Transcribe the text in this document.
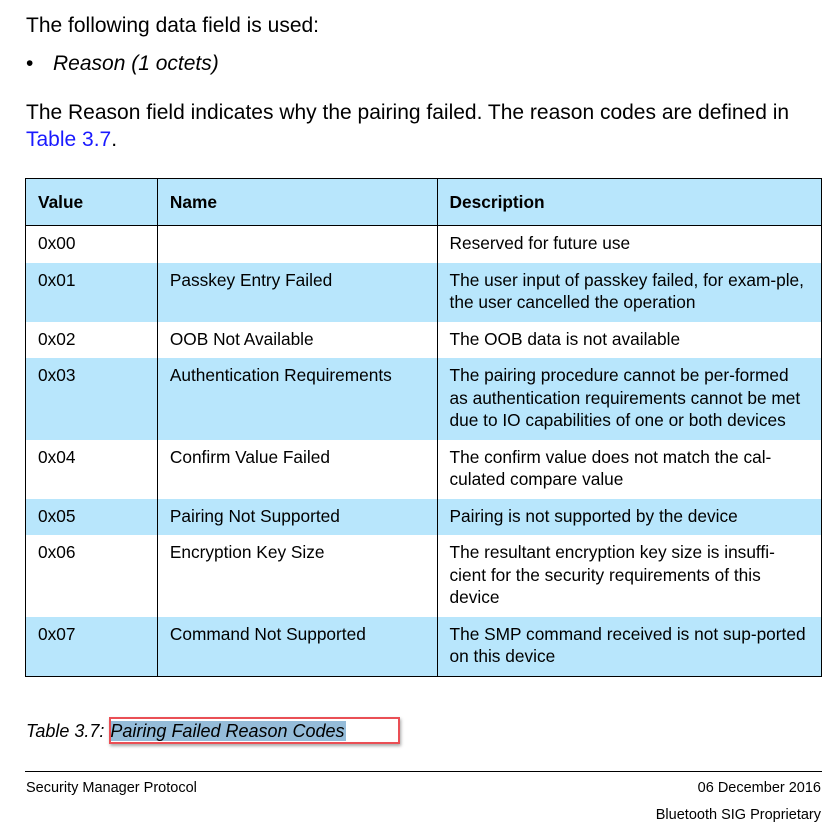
The following data field is used:

• Reason (1 octets)

The Reason field indicates why the pairing failed. The reason codes are defined in Table 3.7.

Value	Name	Description
0x00		Reserved for future use
0x01	Passkey Entry Failed	The user input of passkey failed, for exam-ple, the user cancelled the operation
0x02	OOB Not Available	The OOB data is not available
0x03	Authentication Requirements	The pairing procedure cannot be per-formed as authentication requirements cannot be met due to IO capabilities of one or both devices
0x04	Confirm Value Failed	The confirm value does not match the cal-culated compare value
0x05	Pairing Not Supported	Pairing is not supported by the device
0x06	Encryption Key Size	The resultant encryption key size is insuffi-cient for the security requirements of this device
0x07	Command Not Supported	The SMP command received is not sup-ported on this device

Table 3.7: Pairing Failed Reason Codes

Security Manager Protocol	06 December 2016

Bluetooth SIG Proprietary
